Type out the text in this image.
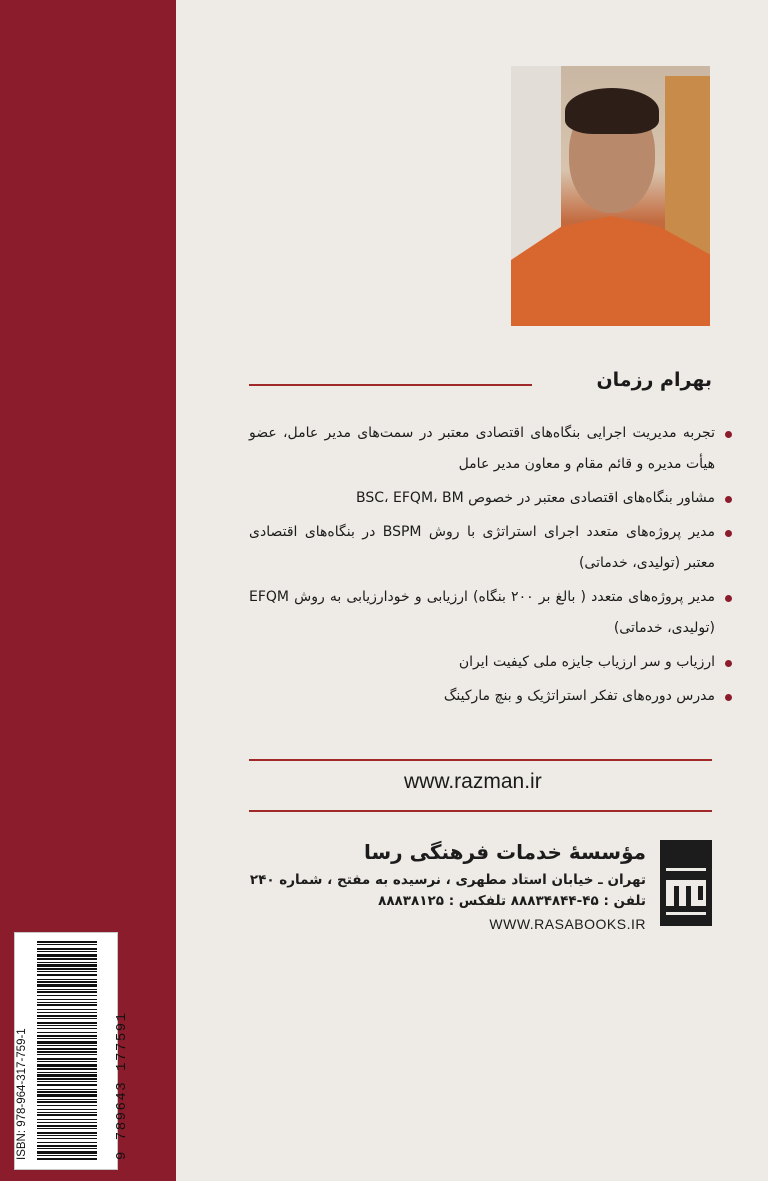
بهرام رزمان
تجربه مدیریت اجرایی بنگاه‌های اقتصادی معتبر در سمت‌های مدیر عامل، عضو هیأت مدیره و قائم مقام و معاون مدیر عامل
مشاور بنگاه‌های اقتصادی معتبر در خصوص BSC، EFQM، BM
مدیر پروژه‌های متعدد اجرای استراتژی با روش BSPM در بنگاه‌های اقتصادی معتبر (تولیدی، خدماتی)
مدیر پروژه‌های متعدد ( بالغ بر ۲۰۰ بنگاه) ارزیابی و خودارزیابی به روش EFQM (تولیدی، خدماتی)
ارزیاب و سر ارزیاب جایزه ملی کیفیت ایران
مدرس دوره‌های تفکر استراتژیک و بنچ مارکینگ
www.razman.ir
مؤسسهٔ خدمات فرهنگی رسا
تهران ـ خیابان استاد مطهری ، نرسیده به مفتح ، شماره ۲۴۰
تلفن : ۴۵-۸۸۸۳۴۸۴۴ تلفکس : ۸۸۸۳۸۱۲۵
WWW.RASABOOKS.IR
ISBN: 978-964-317-759-1	9 789643 177591
